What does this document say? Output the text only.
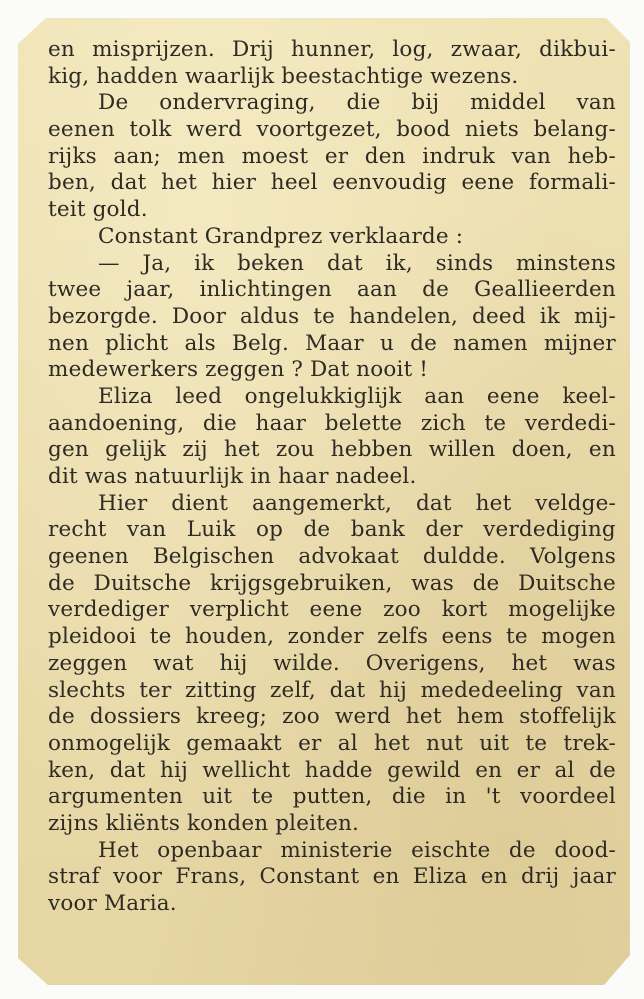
en misprijzen. Drij hunner, log, zwaar, dikbui-
kig, hadden waarlijk beestachtige wezens.
De ondervraging, die bij middel van
eenen tolk werd voortgezet, bood niets belang-
rijks aan; men moest er den indruk van heb-
ben, dat het hier heel eenvoudig eene formali-
teit gold.
Constant Grandprez verklaarde :
— Ja, ik beken dat ik, sinds minstens
twee jaar, inlichtingen aan de Geallieerden
bezorgde. Door aldus te handelen, deed ik mij-
nen plicht als Belg. Maar u de namen mijner
medewerkers zeggen ? Dat nooit !
Eliza leed ongelukkiglijk aan eene keel-
aandoening, die haar belette zich te verdedi-
gen gelijk zij het zou hebben willen doen, en
dit was natuurlijk in haar nadeel.
Hier dient aangemerkt, dat het veldge-
recht van Luik op de bank der verdediging
geenen Belgischen advokaat duldde. Volgens
de Duitsche krijgsgebruiken, was de Duitsche
verdediger verplicht eene zoo kort mogelijke
pleidooi te houden, zonder zelfs eens te mogen
zeggen wat hij wilde. Overigens, het was
slechts ter zitting zelf, dat hij mededeeling van
de dossiers kreeg; zoo werd het hem stoffelijk
onmogelijk gemaakt er al het nut uit te trek-
ken, dat hij wellicht hadde gewild en er al de
argumenten uit te putten, die in 't voordeel
zijns kliënts konden pleiten.
Het openbaar ministerie eischte de dood-
straf voor Frans, Constant en Eliza en drij jaar
voor Maria.
